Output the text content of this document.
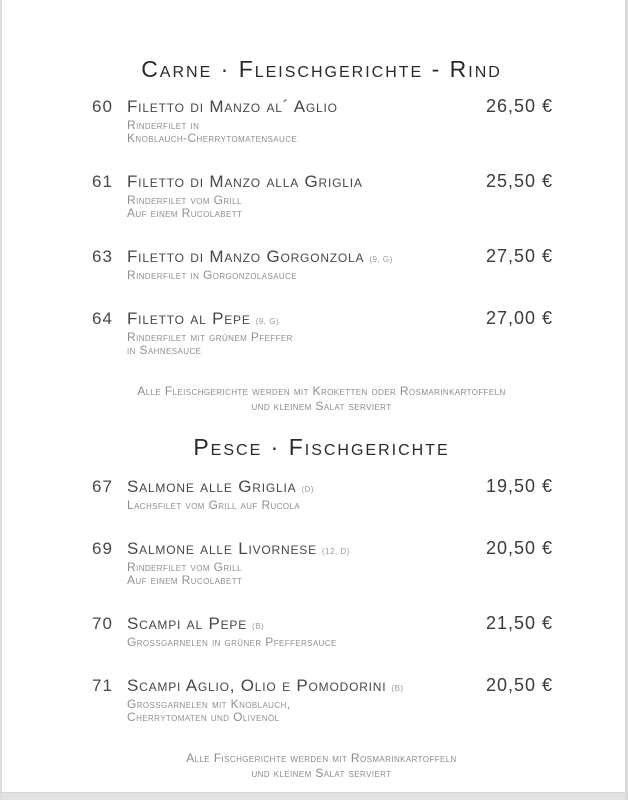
Carne · Fleischgerichte - Rind
60 Filetto di Manzo al´ Aglio
Rinderfilet in
Knoblauch-Cherrytomatensauce
26,50 €
61 Filetto di Manzo alla Griglia
Rinderfilet vom Grill
Auf einem Rucolabett
25,50 €
63 Filetto di Manzo Gorgonzola (9, G)
Rinderfilet in Gorgonzolasauce
27,50 €
64 Filetto al Pepe (9, G)
Rinderfilet mit grünem Pfeffer
in Sahnesauce
27,00 €
Alle Fleischgerichte werden mit Kroketten oder Rosmarinkartoffeln
und kleinem Salat serviert
Pesce · Fischgerichte
67 Salmone alle Griglia (D)
Lachsfilet vom Grill auf Rucola
19,50 €
69 Salmone alle Livornese (12, D)
Rinderfilet vom Grill
Auf einem Rucolabett
20,50 €
70 Scampi al Pepe (B)
Grossgarnelen in grüner Pfeffersauce
21,50 €
71 Scampi Aglio, Olio e Pomodorini (B)
Grossgarnelen mit Knoblauch,
Cherrytomaten und Olivenöl
20,50 €
Alle Fischgerichte werden mit Rosmarinkartoffeln
und kleinem Salat serviert
